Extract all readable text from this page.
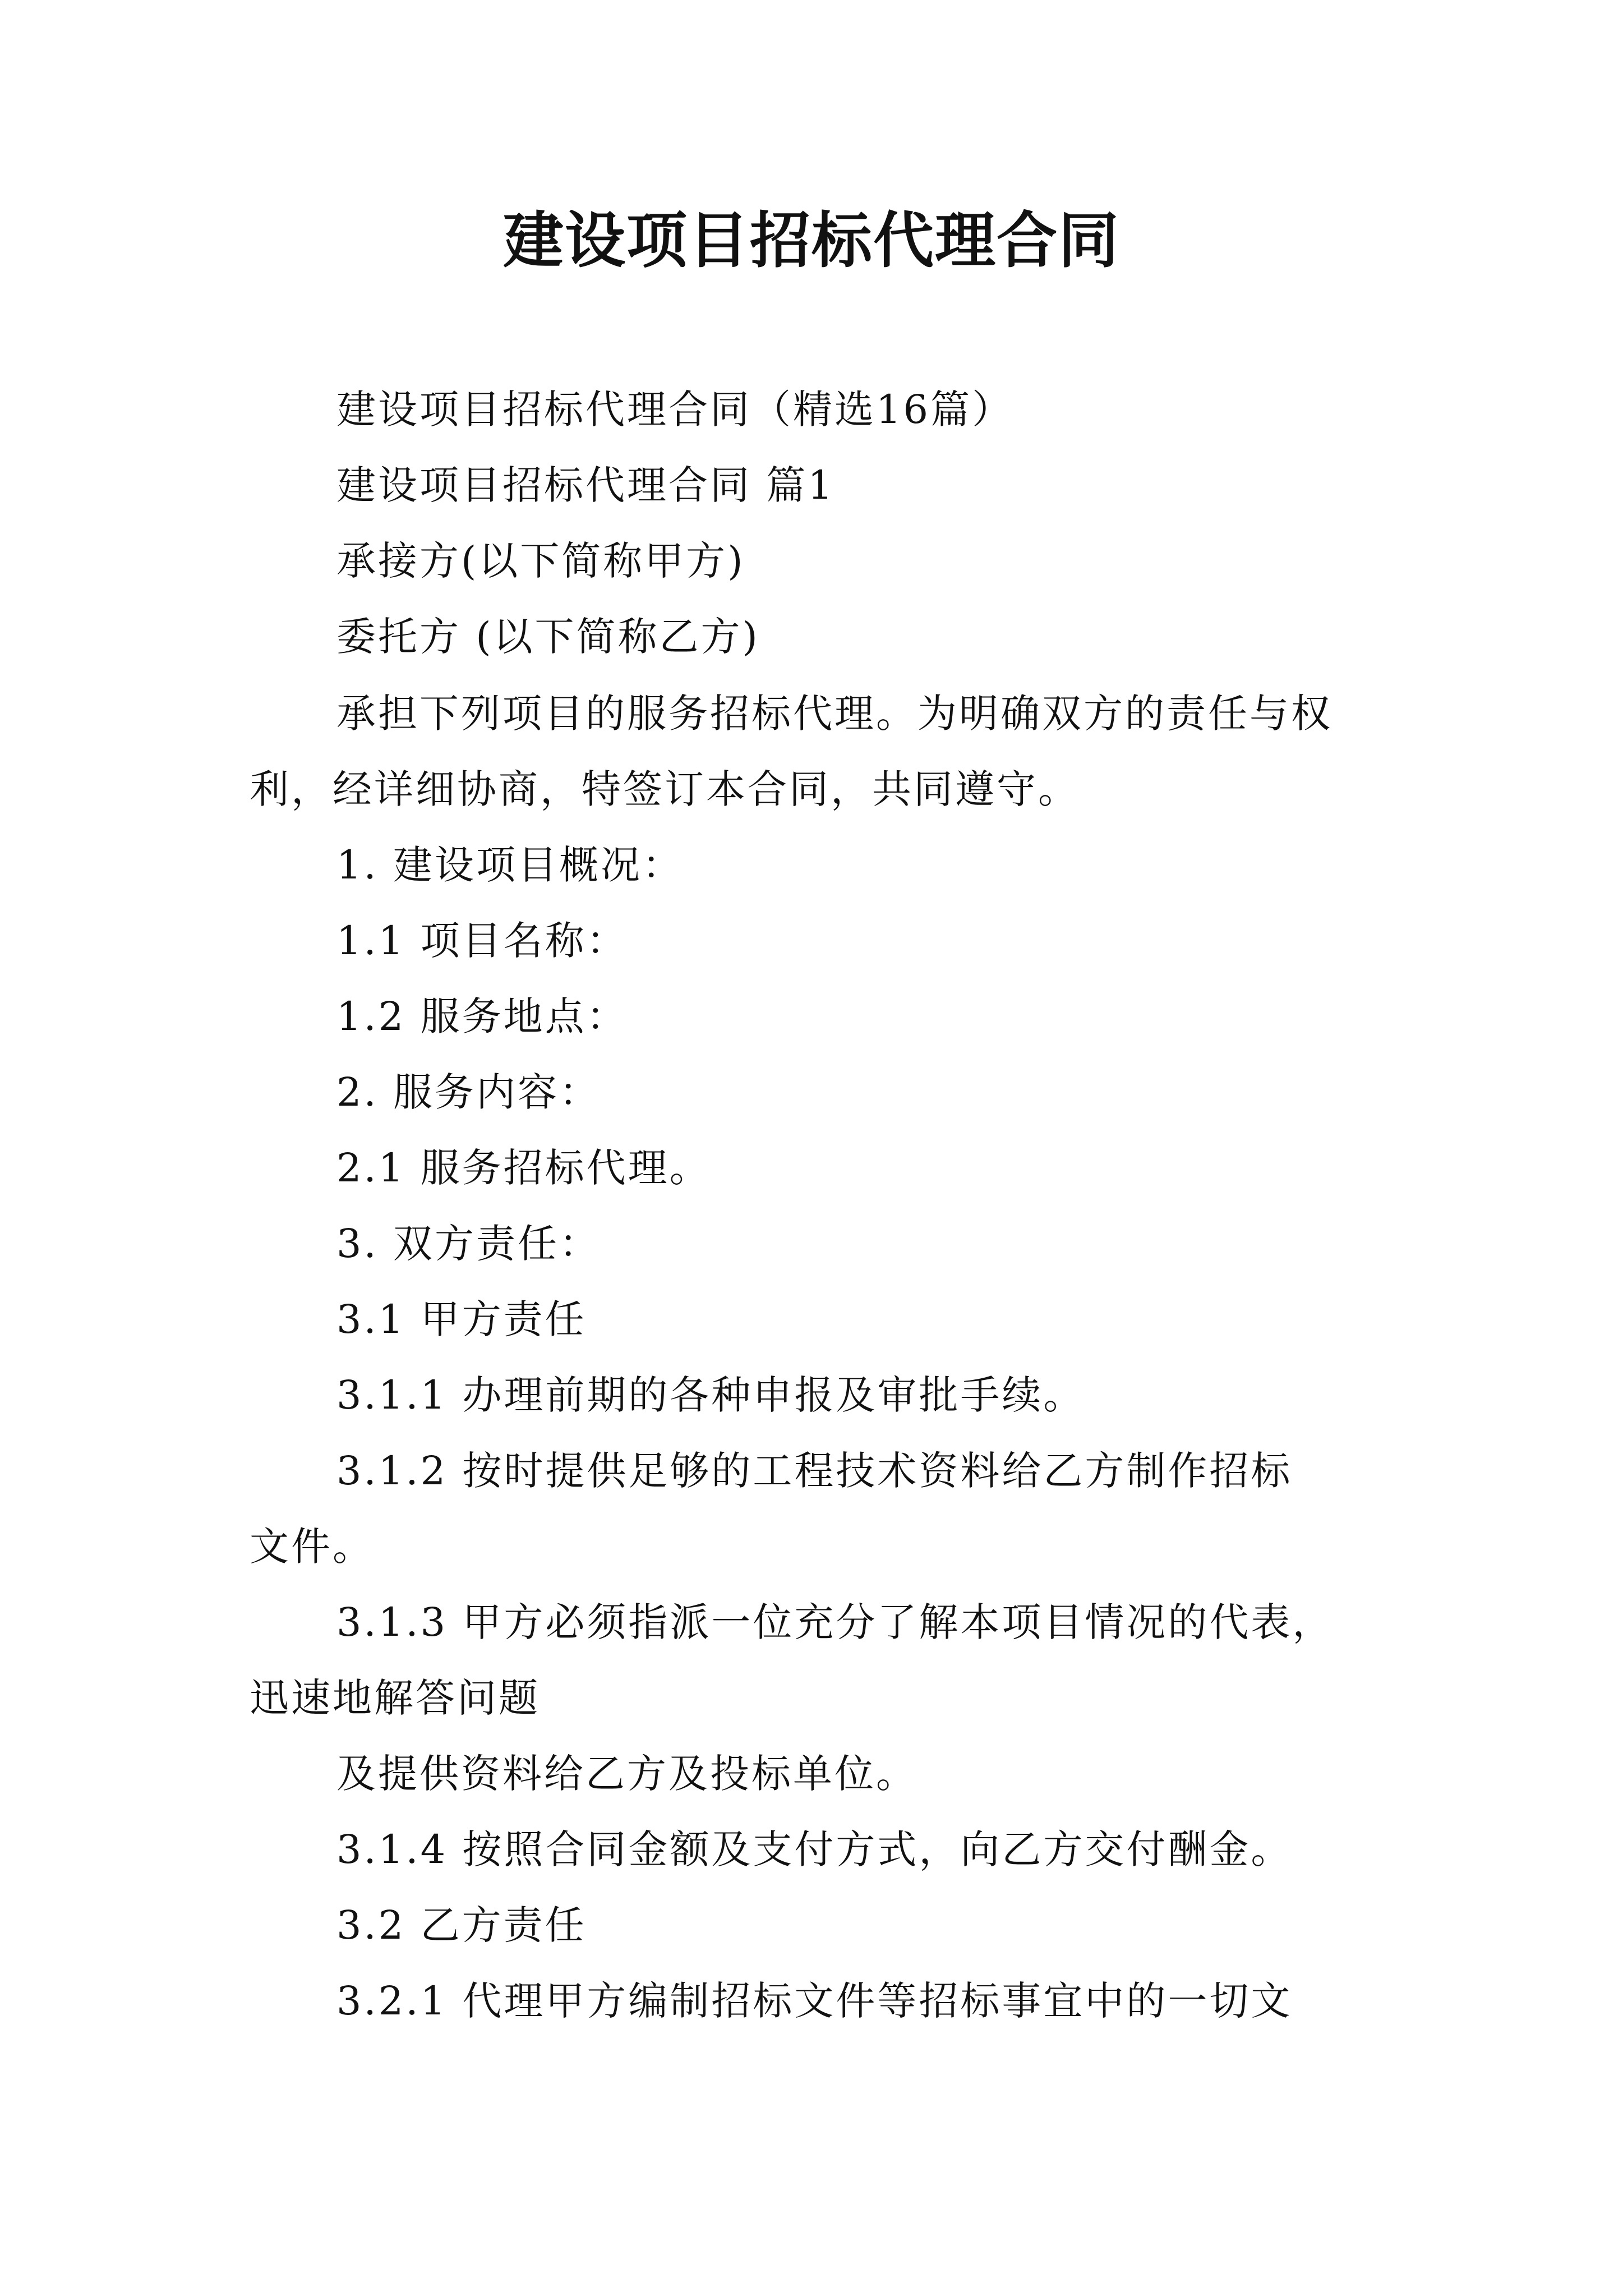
建设项目招标代理合同

建设项目招标代理合同（精选16篇）

建设项目招标代理合同 篇1

承接方(以下简称甲方)

委托方 (以下简称乙方)

承担下列项目的服务招标代理。为明确双方的责任与权

利，经详细协商，特签订本合同，共同遵守。

1. 建设项目概况：

1.1 项目名称：

1.2 服务地点：

2. 服务内容：

2.1 服务招标代理。

3. 双方责任：

3.1 甲方责任

3.1.1 办理前期的各种申报及审批手续。

3.1.2 按时提供足够的工程技术资料给乙方制作招标

文件。

3.1.3 甲方必须指派一位充分了解本项目情况的代表，

迅速地解答问题

及提供资料给乙方及投标单位。

3.1.4 按照合同金额及支付方式，向乙方交付酬金。

3.2 乙方责任

3.2.1 代理甲方编制招标文件等招标事宜中的一切文
